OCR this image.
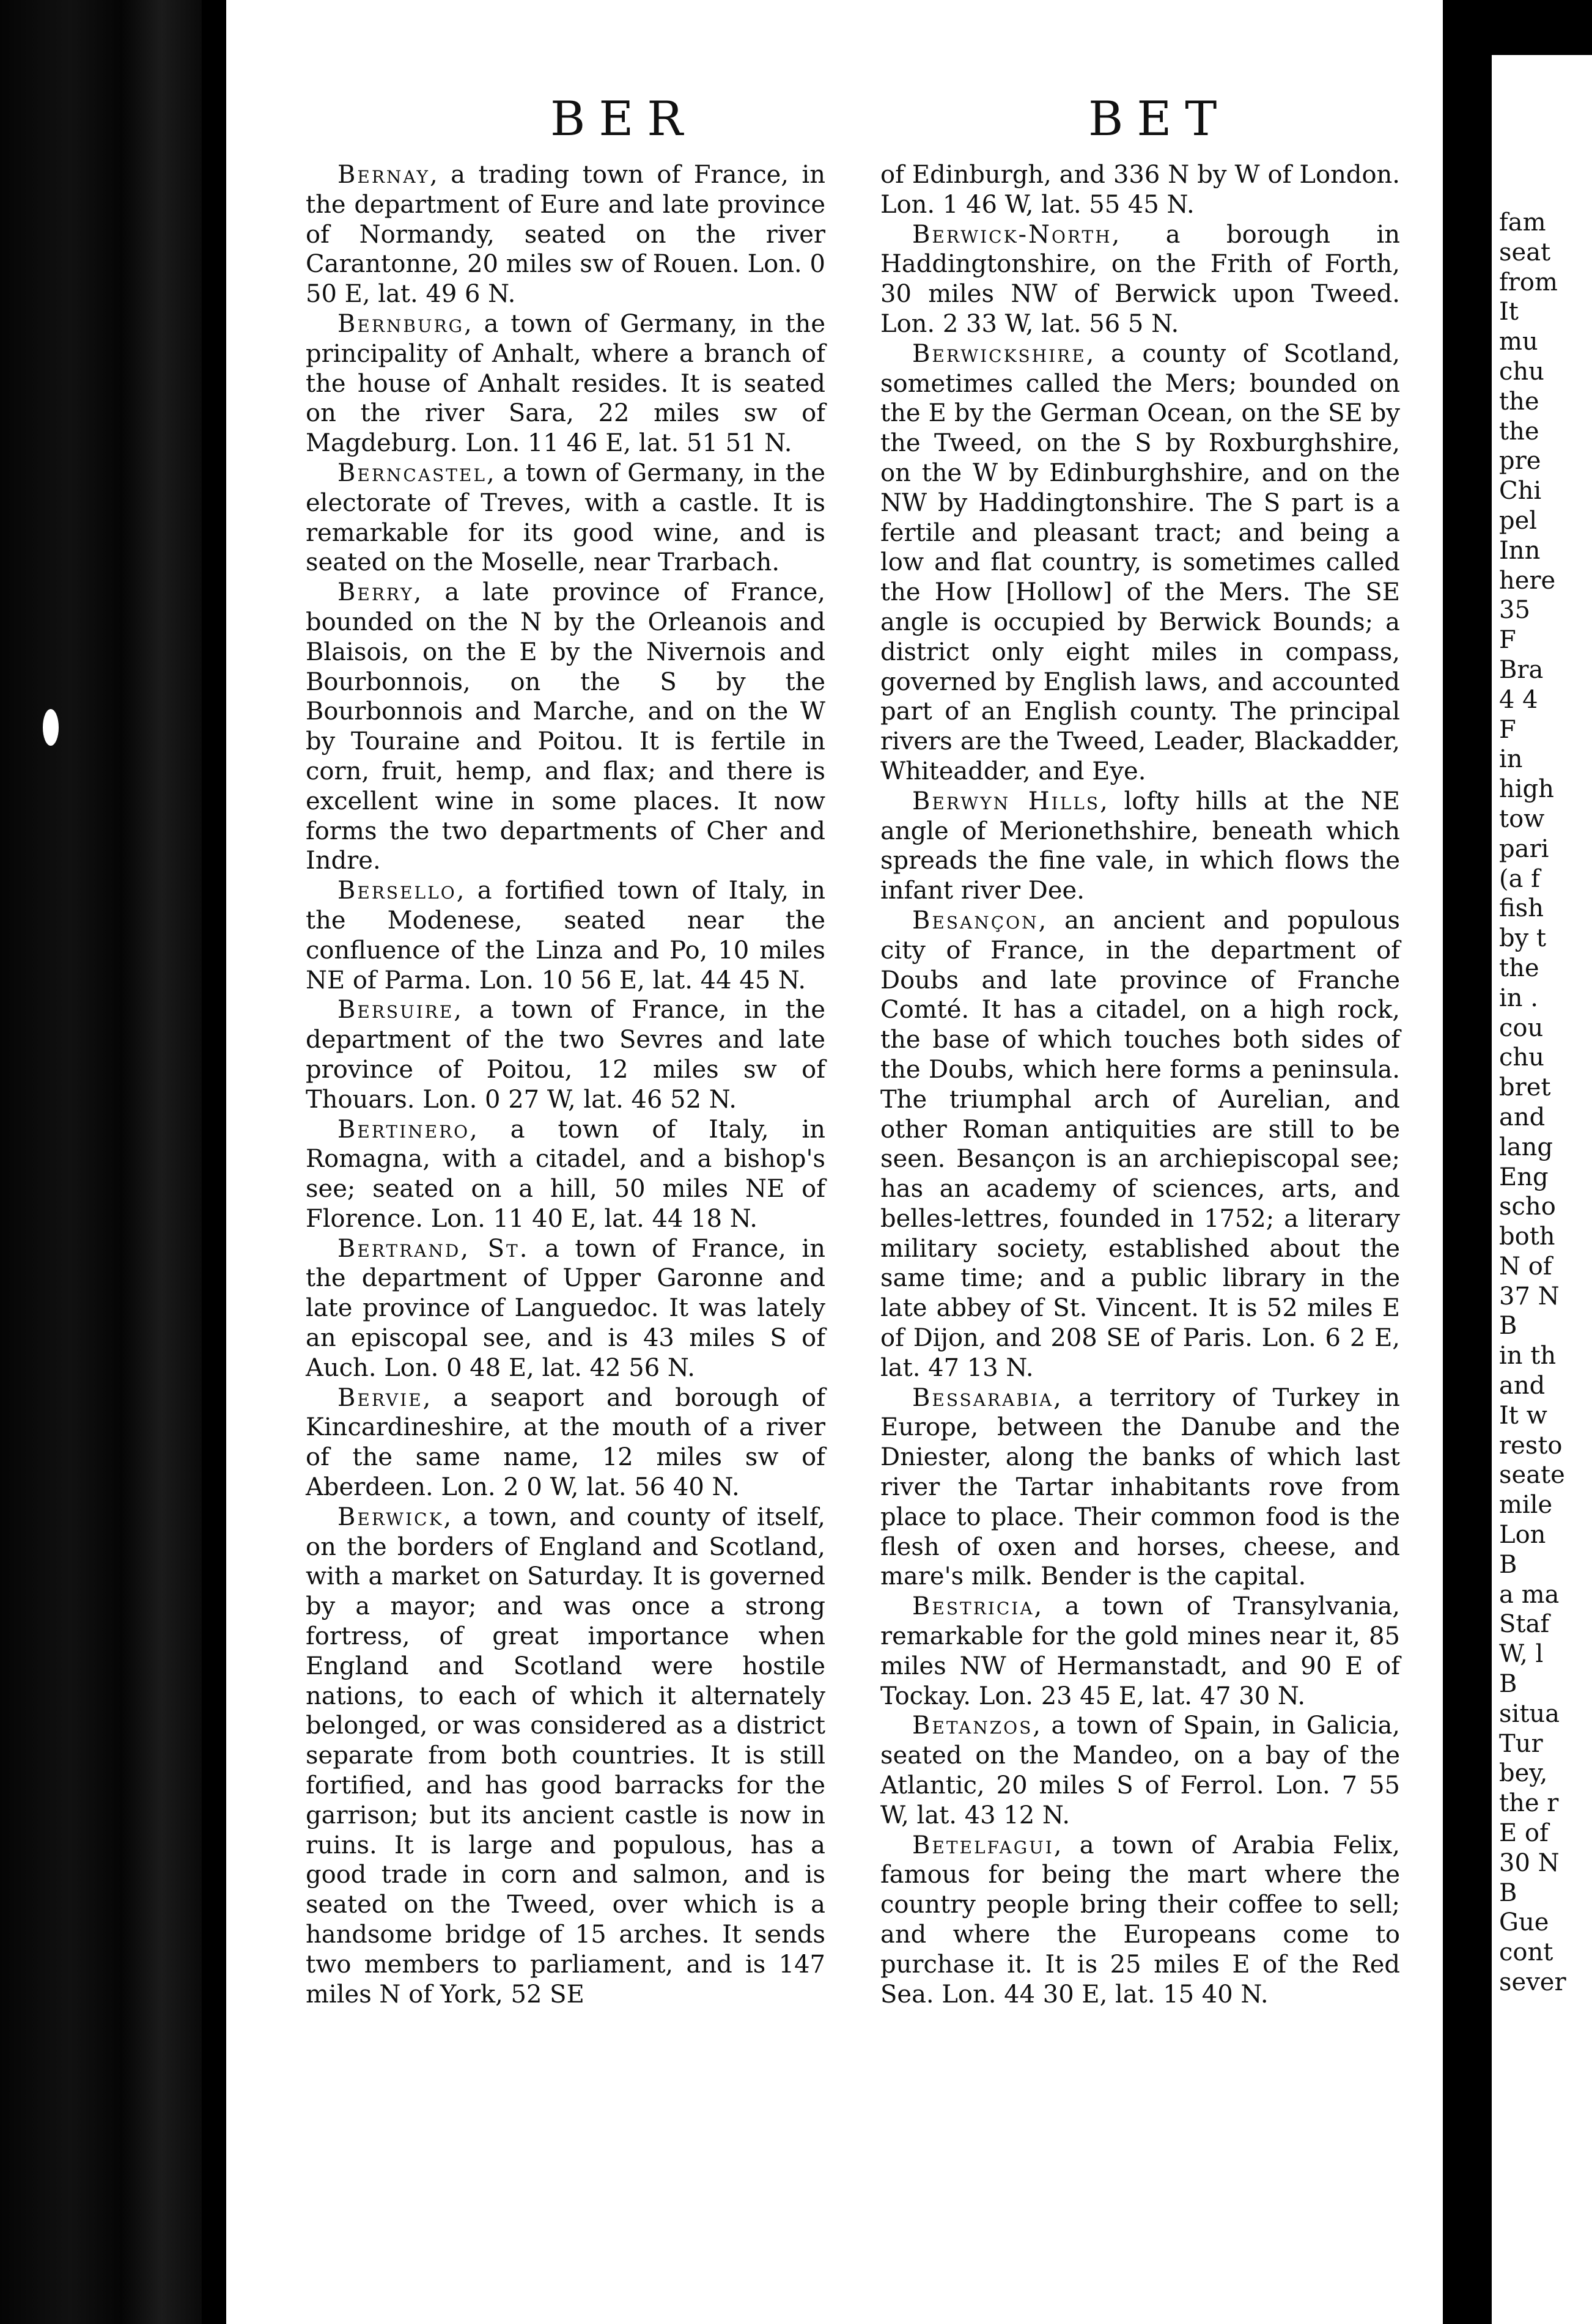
BER	BET

Bernay, a trading town of France, in the department of Eure and late province of Normandy, seated on the river Carantonne, 20 miles sw of Rouen. Lon. 0 50 E, lat. 49 6 N.

Bernburg, a town of Germany, in the principality of Anhalt, where a branch of the house of Anhalt resides. It is seated on the river Sara, 22 miles sw of Magdeburg. Lon. 11 46 E, lat. 51 51 N.

Berncastel, a town of Germany, in the electorate of Treves, with a castle. It is remarkable for its good wine, and is seated on the Moselle, near Trarbach.

Berry, a late province of France, bounded on the N by the Orleanois and Blaisois, on the E by the Nivernois and Bourbonnois, on the S by the Bourbonnois and Marche, and on the W by Touraine and Poitou. It is fertile in corn, fruit, hemp, and flax; and there is excellent wine in some places. It now forms the two departments of Cher and Indre.

Bersello, a fortified town of Italy, in the Modenese, seated near the confluence of the Linza and Po, 10 miles NE of Parma. Lon. 10 56 E, lat. 44 45 N.

Bersuire, a town of France, in the department of the two Sevres and late province of Poitou, 12 miles sw of Thouars. Lon. 0 27 W, lat. 46 52 N.

Bertinero, a town of Italy, in Romagna, with a citadel, and a bishop's see; seated on a hill, 50 miles NE of Florence. Lon. 11 40 E, lat. 44 18 N.

Bertrand, St. a town of France, in the department of Upper Garonne and late province of Languedoc. It was lately an episcopal see, and is 43 miles S of Auch. Lon. 0 48 E, lat. 42 56 N.

Bervie, a seaport and borough of Kincardineshire, at the mouth of a river of the same name, 12 miles sw of Aberdeen. Lon. 2 0 W, lat. 56 40 N.

Berwick, a town, and county of itself, on the borders of England and Scotland, with a market on Saturday. It is governed by a mayor; and was once a strong fortress, of great importance when England and Scotland were hostile nations, to each of which it alternately belonged, or was considered as a district separate from both countries. It is still fortified, and has good barracks for the garrison; but its ancient castle is now in ruins. It is large and populous, has a good trade in corn and salmon, and is seated on the Tweed, over which is a handsome bridge of 15 arches. It sends two members to parliament, and is 147 miles N of York, 52 SE

of Edinburgh, and 336 N by W of London. Lon. 1 46 W, lat. 55 45 N.

Berwick-North, a borough in Haddingtonshire, on the Frith of Forth, 30 miles NW of Berwick upon Tweed. Lon. 2 33 W, lat. 56 5 N.

Berwickshire, a county of Scotland, sometimes called the Mers; bounded on the E by the German Ocean, on the SE by the Tweed, on the S by Roxburghshire, on the W by Edinburghshire, and on the NW by Haddingtonshire. The S part is a fertile and pleasant tract; and being a low and flat country, is sometimes called the How [Hollow] of the Mers. The SE angle is occupied by Berwick Bounds; a district only eight miles in compass, governed by English laws, and accounted part of an English county. The principal rivers are the Tweed, Leader, Blackadder, Whiteadder, and Eye.

Berwyn Hills, lofty hills at the NE angle of Merionethshire, beneath which spreads the fine vale, in which flows the infant river Dee.

Besançon, an ancient and populous city of France, in the department of Doubs and late province of Franche Comté. It has a citadel, on a high rock, the base of which touches both sides of the Doubs, which here forms a peninsula. The triumphal arch of Aurelian, and other Roman antiquities are still to be seen. Besançon is an archiepiscopal see; has an academy of sciences, arts, and belles-lettres, founded in 1752; a literary military society, established about the same time; and a public library in the late abbey of St. Vincent. It is 52 miles E of Dijon, and 208 SE of Paris. Lon. 6 2 E, lat. 47 13 N.

Bessarabia, a territory of Turkey in Europe, between the Danube and the Dniester, along the banks of which last river the Tartar inhabitants rove from place to place. Their common food is the flesh of oxen and horses, cheese, and mare's milk. Bender is the capital.

Bestricia, a town of Transylvania, remarkable for the gold mines near it, 85 miles NW of Hermanstadt, and 90 E of Tockay. Lon. 23 45 E, lat. 47 30 N.

Betanzos, a town of Spain, in Galicia, seated on the Mandeo, on a bay of the Atlantic, 20 miles S of Ferrol. Lon. 7 55 W, lat. 43 12 N.

Betelfagui, a town of Arabia Felix, famous for being the mart where the country people bring their coffee to sell; and where the Europeans come to purchase it. It is 25 miles E of the Red Sea. Lon. 44 30 E, lat. 15 40 N.

fam
seat
from
It
mu
chu
the
the
pre
Chi
pel
Inn
here
35
F
Bra
4 4
F
in
high
tow
pari
(a f
fish
by t
the
in .
cou
chu
bret
and
lang
Eng
scho
both
N of
37 N
B
in th
and
It w
resto
seate
mile
Lon
B
a ma
Staf
W, l
B
situa
Tur
bey,
the r
E of
30 N
B
Gue
cont
sever
